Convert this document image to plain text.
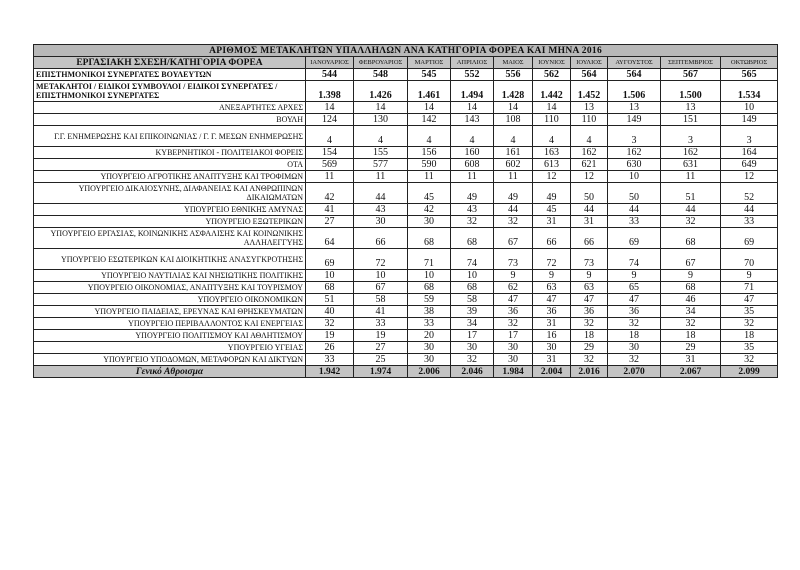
ΑΡΙΘΜΟΣ ΜΕΤΑΚΛΗΤΩΝ ΥΠΑΛΛΗΛΩΝ ΑΝΑ ΚΑΤΗΓΟΡΙΑ ΦΟΡΕΑ ΚΑΙ ΜΗΝΑ 2016										
ΕΡΓΑΣΙΑΚΗ ΣΧΕΣΗ/ΚΑΤΗΓΟΡΙΑ ΦΟΡΕΑ	ΙΑΝΟΥΑΡΙΟΣ	ΦΕΒΡΟΥΑΡΙΟΣ	ΜΑΡΤΙΟΣ	ΑΠΡΙΛΙΟΣ	ΜΑΙΟΣ	ΙΟΥΝΙΟΣ	ΙΟΥΛΙΟΣ	ΑΥΓΟΥΣΤΟΣ	ΣΕΠΤΕΜΒΡΙΟΣ	ΟΚΤΩΒΡΙΟΣ
ΕΠΙΣΤΗΜΟΝΙΚΟΙ ΣΥΝΕΡΓΑΤΕΣ ΒΟΥΛΕΥΤΩΝ	544	548	545	552	556	562	564	564	567	565
ΜΕΤΑΚΛΗΤΟΙ / ΕΙΔΙΚΟΙ ΣΥΜΒΟΥΛΟΙ / ΕΙΔΙΚΟΙ ΣΥΝΕΡΓΑΤΕΣ / ΕΠΙΣΤΗΜΟΝΙΚΟΙ ΣΥΝΕΡΓΑΤΕΣ	1.398	1.426	1.461	1.494	1.428	1.442	1.452	1.506	1.500	1.534
ΑΝΕΞΑΡΤΗΤΕΣ ΑΡΧΕΣ	14	14	14	14	14	14	13	13	13	10
ΒΟΥΛΗ	124	130	142	143	108	110	110	149	151	149
Γ.Γ. ΕΝΗΜΕΡΩΣΗΣ ΚΑΙ ΕΠΙΚΟΙΝΩΝΙΑΣ / Γ. Γ. ΜΕΣΩΝ ΕΝΗΜΕΡΩΣΗΣ	4	4	4	4	4	4	4	3	3	3
ΚΥΒΕΡΝΗΤΙΚΟΙ - ΠΟΛΙΤΕΙΑΚΟΙ ΦΟΡΕΙΣ	154	155	156	160	161	163	162	162	162	164
ΟΤΑ	569	577	590	608	602	613	621	630	631	649
ΥΠΟΥΡΓΕΙΟ ΑΓΡΟΤΙΚΗΣ ΑΝΑΠΤΥΞΗΣ ΚΑΙ ΤΡΟΦΙΜΩΝ	11	11	11	11	11	12	12	10	11	12
ΥΠΟΥΡΓΕΙΟ ΔΙΚΑΙΟΣΥΝΗΣ, ΔΙΑΦΑΝΕΙΑΣ ΚΑΙ ΑΝΘΡΩΠΙΝΩΝ ΔΙΚΑΙΩΜΑΤΩΝ	42	44	45	49	49	49	50	50	51	52
ΥΠΟΥΡΓΕΙΟ ΕΘΝΙΚΗΣ ΑΜΥΝΑΣ	41	43	42	43	44	45	44	44	44	44
ΥΠΟΥΡΓΕΙΟ ΕΞΩΤΕΡΙΚΩΝ	27	30	30	32	32	31	31	33	32	33
ΥΠΟΥΡΓΕΙΟ ΕΡΓΑΣΙΑΣ, ΚΟΙΝΩΝΙΚΗΣ ΑΣΦΑΛΙΣΗΣ ΚΑΙ ΚΟΙΝΩΝΙΚΗΣ ΑΛΛΗΛΕΓΓΥΗΣ	64	66	68	68	67	66	66	69	68	69
ΥΠΟΥΡΓΕΙΟ ΕΣΩΤΕΡΙΚΩΝ ΚΑΙ ΔΙΟΙΚΗΤΙΚΗΣ ΑΝΑΣΥΓΚΡΟΤΗΣΗΣ	69	72	71	74	73	72	73	74	67	70
ΥΠΟΥΡΓΕΙΟ ΝΑΥΤΙΛΙΑΣ ΚΑΙ ΝΗΣΙΩΤΙΚΗΣ ΠΟΛΙΤΙΚΗΣ	10	10	10	10	9	9	9	9	9	9
ΥΠΟΥΡΓΕΙΟ ΟΙΚΟΝΟΜΙΑΣ, ΑΝΑΠΤΥΞΗΣ ΚΑΙ ΤΟΥΡΙΣΜΟΥ	68	67	68	68	62	63	63	65	68	71
ΥΠΟΥΡΓΕΙΟ ΟΙΚΟΝΟΜΙΚΩΝ	51	58	59	58	47	47	47	47	46	47
ΥΠΟΥΡΓΕΙΟ ΠΑΙΔΕΙΑΣ, ΕΡΕΥΝΑΣ ΚΑΙ ΘΡΗΣΚΕΥΜΑΤΩΝ	40	41	38	39	36	36	36	36	34	35
ΥΠΟΥΡΓΕΙΟ ΠΕΡΙΒΑΛΛΟΝΤΟΣ ΚΑΙ ΕΝΕΡΓΕΙΑΣ	32	33	33	34	32	31	32	32	32	32
ΥΠΟΥΡΓΕΙΟ ΠΟΛΙΤΙΣΜΟΥ ΚΑΙ ΑΘΛΗΤΙΣΜΟΥ	19	19	20	17	17	16	18	18	18	18
ΥΠΟΥΡΓΕΙΟ ΥΓΕΙΑΣ	26	27	30	30	30	30	29	30	29	35
ΥΠΟΥΡΓΕΙΟ ΥΠΟΔΟΜΩΝ, ΜΕΤΑΦΟΡΩΝ ΚΑΙ ΔΙΚΤΥΩΝ	33	25	30	32	30	31	32	32	31	32
Γενικό Αθροισμα	1.942	1.974	2.006	2.046	1.984	2.004	2.016	2.070	2.067	2.099
